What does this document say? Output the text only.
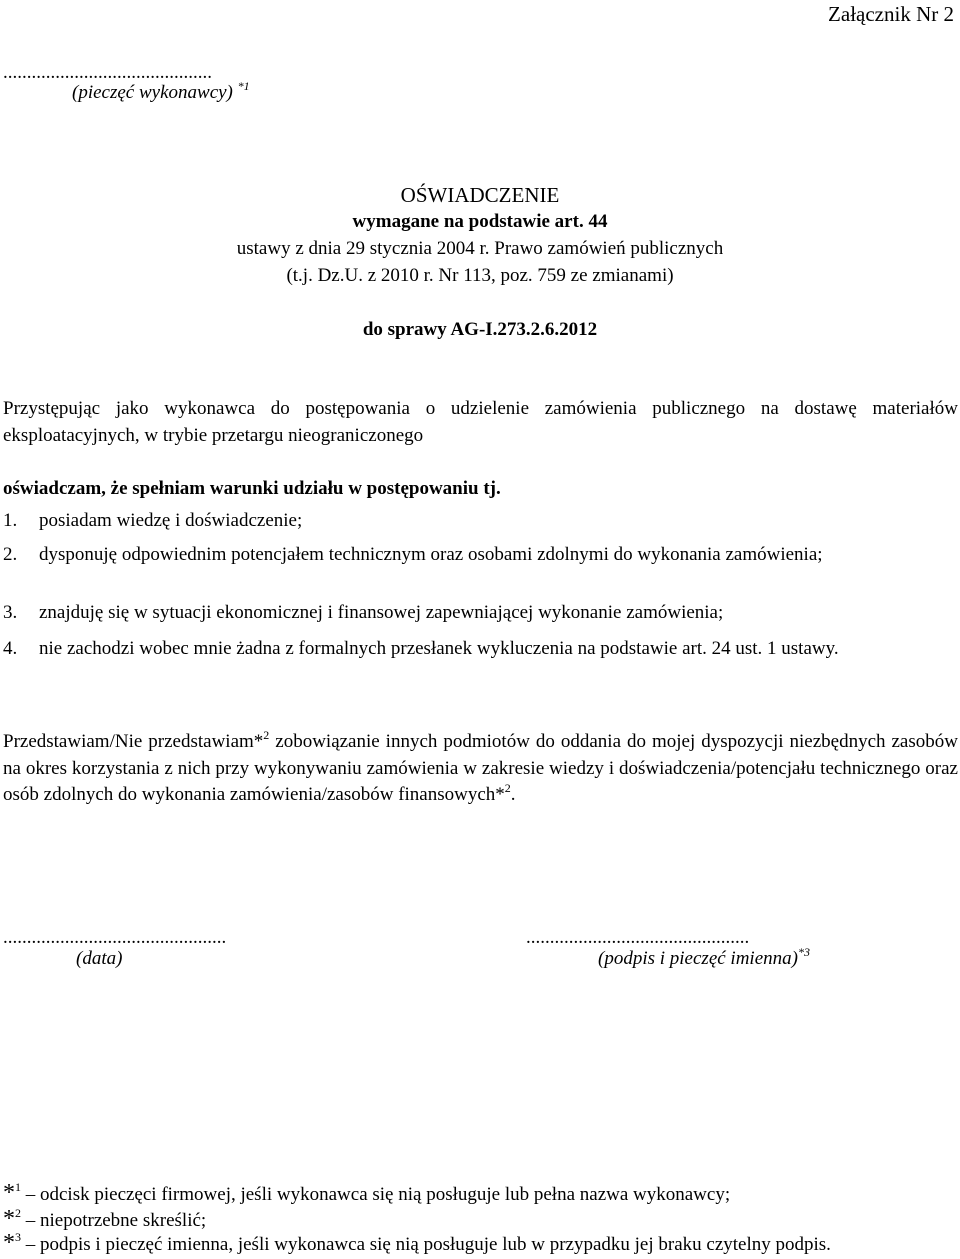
Załącznik Nr 2
............................................
(pieczęć wykonawcy) $^{*1}$
OŚWIADCZENIE
wymagane na podstawie art. 44
ustawy z dnia 29 stycznia 2004 r. Prawo zamówień publicznych
(t.j. Dz.U. z 2010 r. Nr 113, poz. 759 ze zmianami)
do sprawy AG-I.273.2.6.2012
Przystępując jako wykonawca do postępowania o udzielenie zamówienia publicznego na dostawę materiałów eksploatacyjnych, w trybie przetargu nieograniczonego
oświadczam, że spełniam warunki udziału w postępowaniu tj.
1. posiadam wiedzę i doświadczenie;
2. dysponuję odpowiednim potencjałem technicznym oraz osobami zdolnymi do wykonania zamówienia;
3. znajduję się w sytuacji ekonomicznej i finansowej zapewniającej wykonanie zamówienia;
4. nie zachodzi wobec mnie żadna z formalnych przesłanek wykluczenia na podstawie art. 24 ust. 1 ustawy.
Przedstawiam/Nie przedstawiam*$^2$ zobowiązanie innych podmiotów do oddania do mojej dyspozycji niezbędnych zasobów na okres korzystania z nich przy wykonywaniu zamówienia w zakresie wiedzy i doświadczenia/potencjału technicznego oraz osób zdolnych do wykonania zamówienia/zasobów finansowych*$^2$.
...............................................	...............................................
(data)	(podpis i pieczęć imienna)$^{*3}$
*$^1$ – odcisk pieczęci firmowej, jeśli wykonawca się nią posługuje lub pełna nazwa wykonawcy;
*$^2$ – niepotrzebne skreślić;
*$^3$ – podpis i pieczęć imienna, jeśli wykonawca się nią posługuje lub w przypadku jej braku czytelny podpis.
